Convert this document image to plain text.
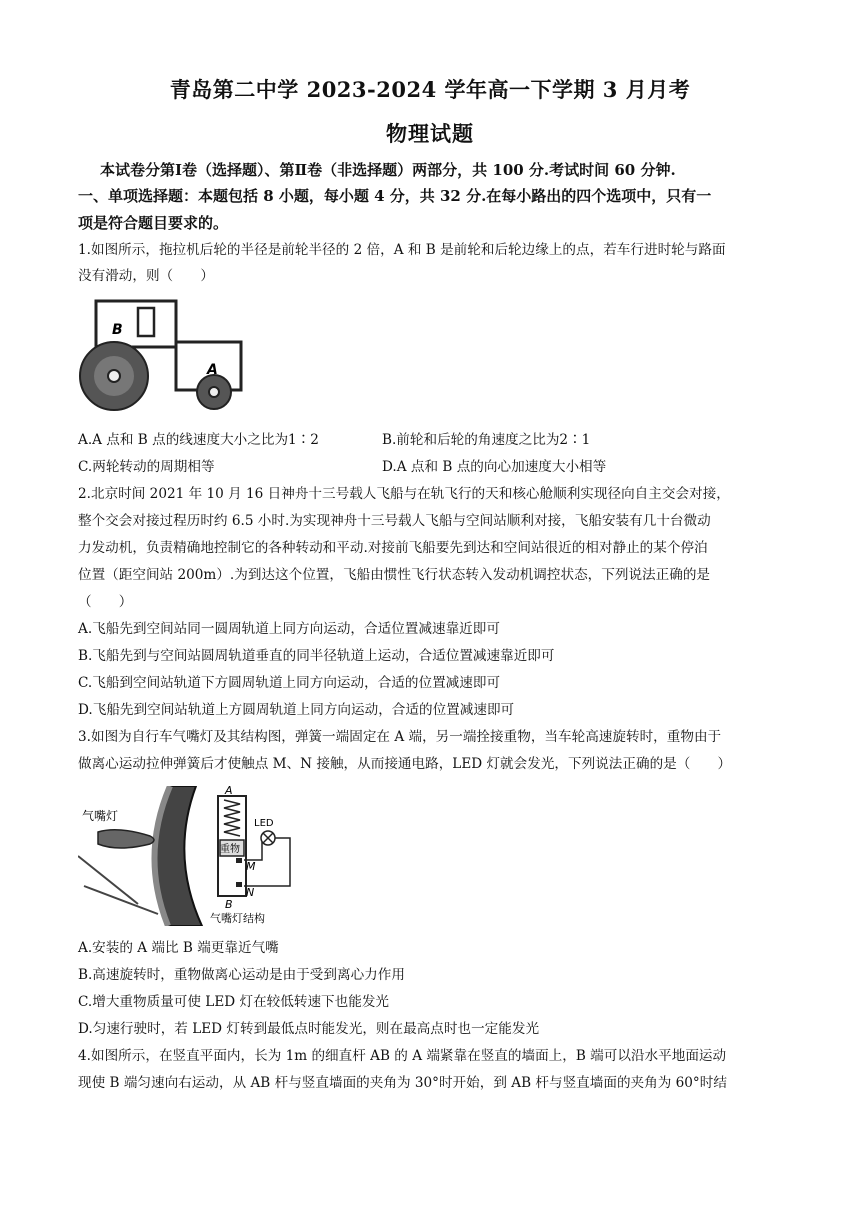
青岛第二中学 2023-2024 学年高一下学期 3 月月考
物理试题
本试卷分第Ⅰ卷（选择题）、第Ⅱ卷（非选择题）两部分，共 100 分.考试时间 60 分钟.
一、单项选择题：本题包括 8 小题，每小题 4 分，共 32 分.在每小路出的四个选项中，只有一
项是符合题目要求的。
1.如图所示，拖拉机后轮的半径是前轮半径的 2 倍，A 和 B 是前轮和后轮边缘上的点，若车行进时轮与路面
没有滑动，则（　　）
B
A
A.A 点和 B 点的线速度大小之比为1∶2	B.前轮和后轮的角速度之比为2∶1
C.两轮转动的周期相等	D.A 点和 B 点的向心加速度大小相等
2.北京时间 2021 年 10 月 16 日神舟十三号载人飞船与在轨飞行的天和核心舱顺利实现径向自主交会对接，
整个交会对接过程历时约 6.5 小时.为实现神舟十三号载人飞船与空间站顺利对接，飞船安装有几十台微动
力发动机，负责精确地控制它的各种转动和平动.对接前飞船要先到达和空间站很近的相对静止的某个停泊
位置（距空间站 200m）.为到达这个位置，飞船由惯性飞行状态转入发动机调控状态，下列说法正确的是
（　　）
A.飞船先到空间站同一圆周轨道上同方向运动，合适位置减速靠近即可
B.飞船先到与空间站圆周轨道垂直的同半径轨道上运动，合适位置减速靠近即可
C.飞船到空间站轨道下方圆周轨道上同方向运动，合适的位置减速即可
D.飞船先到空间站轨道上方圆周轨道上同方向运动，合适的位置减速即可
3.如图为自行车气嘴灯及其结构图，弹簧一端固定在 A 端，另一端拴接重物，当车轮高速旋转时，重物由于
做离心运动拉伸弹簧后才使触点 M、N 接触，从而接通电路，LED 灯就会发光，下列说法正确的是（　　）
气嘴灯
A
重物
LED
M
N
B
气嘴灯结构
A.安装的 A 端比 B 端更靠近气嘴
B.高速旋转时，重物做离心运动是由于受到离心力作用
C.增大重物质量可使 LED 灯在较低转速下也能发光
D.匀速行驶时，若 LED 灯转到最低点时能发光，则在最高点时也一定能发光
4.如图所示，在竖直平面内，长为 1m 的细直杆 AB 的 A 端紧靠在竖直的墙面上，B 端可以沿水平地面运动
现使 B 端匀速向右运动，从 AB 杆与竖直墙面的夹角为 30°时开始，到 AB 杆与竖直墙面的夹角为 60°时结
